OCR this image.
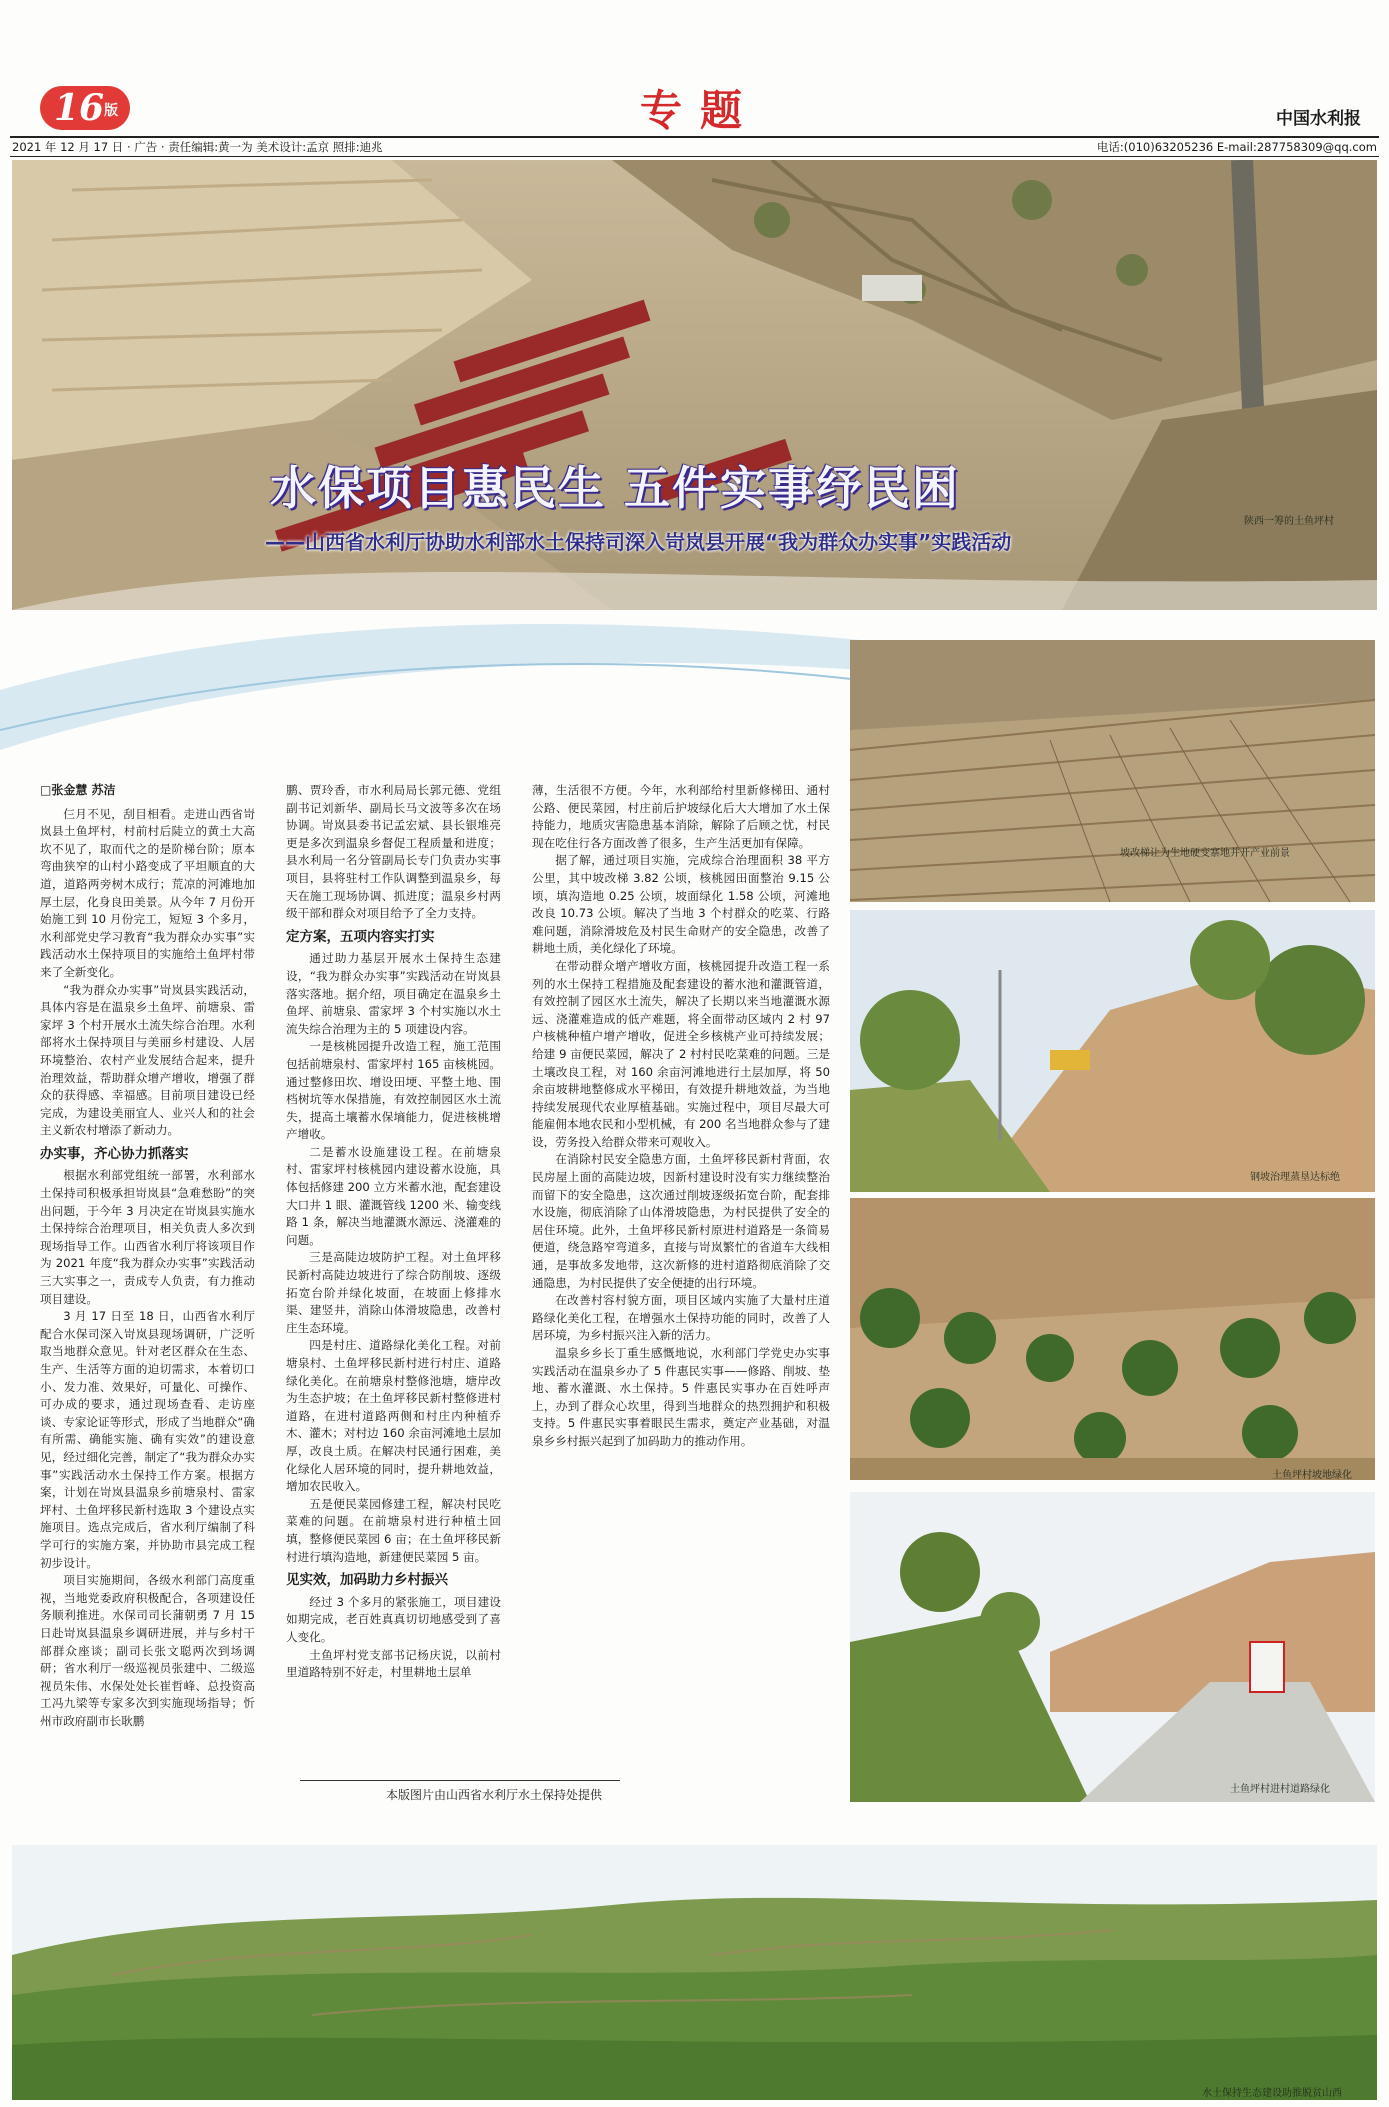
16版	专题	中国水利报
2021 年 12 月 17 日 · 广告 · 责任编辑:黄一为 美术设计:孟京 照排:迪兆	电话:(010)63205236 E-mail:287758309@qq.com
水保项目惠民生 五件实事纾民困
——山西省水利厅协助水利部水土保持司深入岢岚县开展“我为群众办实事”实践活动
陕西一筹的土鱼坪村
坡改梯让为生地硬变寨地并开产业前景
钢坡治理蒸垦达标绝
土鱼坪村坡地绿化
土鱼坪村进村道路绿化
□张金慧 苏洁

仨月不见，刮目相看。走进山西省岢岚县土鱼坪村，村前村后陡立的黄土大高坎不见了，取而代之的是阶梯台阶；原本弯曲狭窄的山村小路变成了平坦顺直的大道，道路两旁树木成行；荒凉的河滩地加厚土层，化身良田美景。从今年 7 月份开始施工到 10 月份完工，短短 3 个多月，水利部党史学习教育“我为群众办实事”实践活动水土保持项目的实施给土鱼坪村带来了全新变化。

“我为群众办实事”岢岚县实践活动，具体内容是在温泉乡土鱼坪、前塘泉、雷家坪 3 个村开展水土流失综合治理。水利部将水土保持项目与美丽乡村建设、人居环境整治、农村产业发展结合起来，提升治理效益，帮助群众增产增收，增强了群众的获得感、幸福感。目前项目建设已经完成，为建设美丽宜人、业兴人和的社会主义新农村增添了新动力。

办实事，齐心协力抓落实

根据水利部党组统一部署，水利部水土保持司积极承担岢岚县“急难愁盼”的突出问题，于今年 3 月决定在岢岚县实施水土保持综合治理项目，相关负责人多次到现场指导工作。山西省水利厅将该项目作为 2021 年度“我为群众办实事”实践活动三大实事之一，责成专人负责，有力推动项目建设。

3 月 17 日至 18 日，山西省水利厅配合水保司深入岢岚县现场调研，广泛听取当地群众意见。针对老区群众在生态、生产、生活等方面的迫切需求，本着切口小、发力准、效果好，可量化、可操作、可办成的要求，通过现场查看、走访座谈、专家论证等形式，形成了当地群众“确有所需、确能实施、确有实效”的建设意见，经过细化完善，制定了“我为群众办实事”实践活动水土保持工作方案。根据方案，计划在岢岚县温泉乡前塘泉村、雷家坪村、土鱼坪移民新村选取 3 个建设点实施项目。选点完成后，省水利厅编制了科学可行的实施方案，并协助市县完成工程初步设计。

项目实施期间，各级水利部门高度重视，当地党委政府积极配合，各项建设任务顺利推进。水保司司长蒲朝勇 7 月 15 日赴岢岚县温泉乡调研进展，并与乡村干部群众座谈；副司长张文聪两次到场调研；省水利厅一级巡视员张建中、二级巡视员朱伟、水保处处长崔哲峰、总投资高工冯九梁等专家多次到实施现场指导；忻州市政府副市长耿鹏

鹏、贾玲香，市水利局局长郭元德、党组副书记刘新华、副局长马文波等多次在场协调。岢岚县委书记孟宏斌、县长银堆亮更是多次到温泉乡督促工程质量和进度；县水利局一名分管副局长专门负责办实事项目，县将驻村工作队调整到温泉乡，每天在施工现场协调、抓进度；温泉乡村两级干部和群众对项目给予了全力支持。

定方案，五项内容实打实

通过助力基层开展水土保持生态建设，“我为群众办实事”实践活动在岢岚县落实落地。据介绍，项目确定在温泉乡土鱼坪、前塘泉、雷家坪 3 个村实施以水土流失综合治理为主的 5 项建设内容。

一是核桃园提升改造工程，施工范围包括前塘泉村、雷家坪村 165 亩核桃园。通过整修田坎、增设田埂、平整土地、围档树坑等水保措施，有效控制园区水土流失，提高土壤蓄水保墒能力，促进核桃增产增收。

二是蓄水设施建设工程。在前塘泉村、雷家坪村核桃园内建设蓄水设施，具体包括修建 200 立方米蓄水池，配套建设大口井 1 眼、灌溉管线 1200 米、输变线路 1 条，解决当地灌溉水源远、浇灌难的问题。

三是高陡边坡防护工程。对土鱼坪移民新村高陡边坡进行了综合防削坡、逐级拓宽台阶并绿化坡面，在坡面上修排水渠、建竖井，消除山体滑坡隐患，改善村庄生态环境。

四是村庄、道路绿化美化工程。对前塘泉村、土鱼坪移民新村进行村庄、道路绿化美化。在前塘泉村整修池塘，塘岸改为生态护坡；在土鱼坪移民新村整修进村道路，在进村道路两侧和村庄内种植乔木、灌木；对村边 160 余亩河滩地土层加厚，改良土质。在解决村民通行困难，美化绿化人居环境的同时，提升耕地效益，增加农民收入。

五是便民菜园修建工程，解决村民吃菜难的问题。在前塘泉村进行种植土回填，整修便民菜园 6 亩；在土鱼坪移民新村进行填沟造地，新建便民菜园 5 亩。

见实效，加码助力乡村振兴

经过 3 个多月的紧张施工，项目建设如期完成，老百姓真真切切地感受到了喜人变化。

土鱼坪村党支部书记杨庆说，以前村里道路特别不好走，村里耕地土层单

本版图片由山西省水利厅水土保持处提供

薄，生活很不方便。今年，水利部给村里新修梯田、通村公路、便民菜园，村庄前后护坡绿化后大大增加了水土保持能力，地质灾害隐患基本消除，解除了后顾之忧，村民现在吃住行各方面改善了很多，生产生活更加有保障。

据了解，通过项目实施，完成综合治理面积 38 平方公里，其中坡改梯 3.82 公顷，核桃园田面整治 9.15 公顷，填沟造地 0.25 公顷，坡面绿化 1.58 公顷，河滩地改良 10.73 公顷。解决了当地 3 个村群众的吃菜、行路难问题，消除滑坡危及村民生命财产的安全隐患，改善了耕地土质，美化绿化了环境。

在带动群众增产增收方面，核桃园提升改造工程一系列的水土保持工程措施及配套建设的蓄水池和灌溉管道，有效控制了园区水土流失，解决了长期以来当地灌溉水源远、浇灌难造成的低产难题，将全面带动区域内 2 村 97 户核桃种植户增产增收，促进全乡核桃产业可持续发展；给建 9 亩便民菜园，解决了 2 村村民吃菜难的问题。三是土壤改良工程，对 160 余亩河滩地进行土层加厚，将 50 余亩坡耕地整修成水平梯田，有效提升耕地效益，为当地持续发展现代农业厚植基础。实施过程中，项目尽最大可能雇佣本地农民和小型机械，有 200 名当地群众参与了建设，劳务投入给群众带来可观收入。

在消除村民安全隐患方面，土鱼坪移民新村背面，农民房屋上面的高陡边坡，因新村建设时没有实力继续整治而留下的安全隐患，这次通过削坡逐级拓宽台阶，配套排水设施，彻底消除了山体滑坡隐患，为村民提供了安全的居住环境。此外，土鱼坪移民新村原进村道路是一条简易便道，绕急路窄弯道多，直接与岢岚繁忙的省道车大线相通，是事故多发地带，这次新修的进村道路彻底消除了交通隐患，为村民提供了安全便捷的出行环境。

在改善村容村貌方面，项目区域内实施了大量村庄道路绿化美化工程，在增强水土保持功能的同时，改善了人居环境，为乡村振兴注入新的活力。

温泉乡乡长丁重生感慨地说，水利部门学党史办实事实践活动在温泉乡办了 5 件惠民实事——修路、削坡、垫地、蓄水灌溉、水土保持。5 件惠民实事办在百姓呼声上，办到了群众心坎里，得到当地群众的热烈拥护和积极支持。5 件惠民实事着眼民生需求，奠定产业基础，对温泉乡乡村振兴起到了加码助力的推动作用。

水土保持生态建设助推脱贫山西
